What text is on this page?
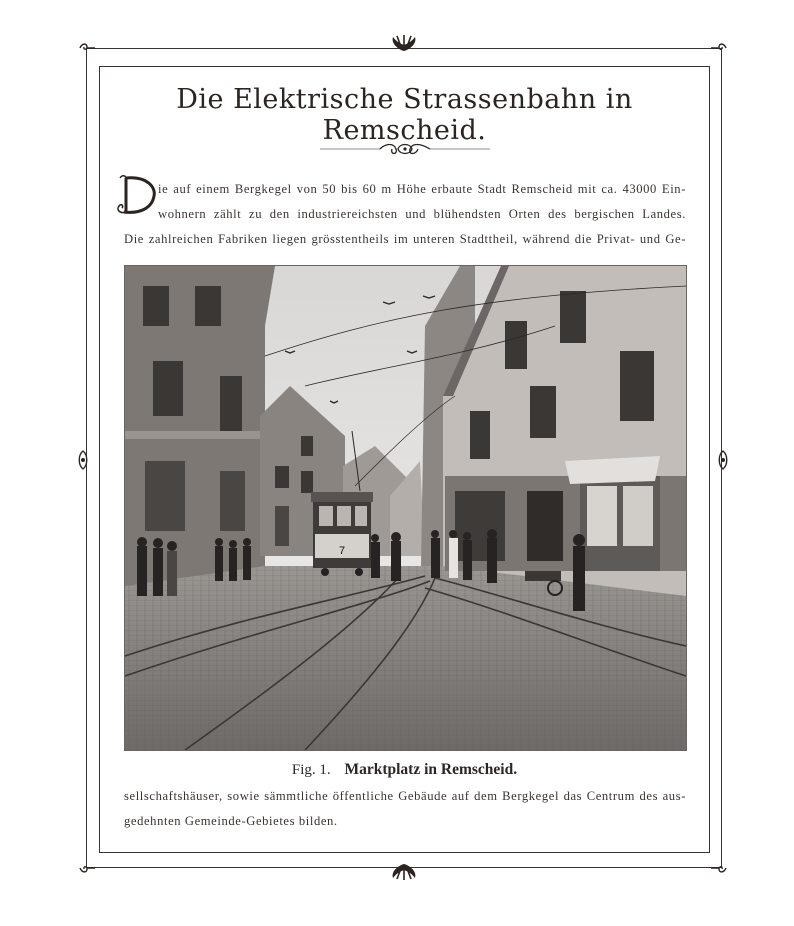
Die Elektrische Strassenbahn in Remscheid.
ie auf einem Bergkegel von 50 bis 60 m Höhe erbaute Stadt Remscheid mit ca. 43000 Ein-
wohnern zählt zu den industriereichsten und blühendsten Orten des bergischen Landes.
Die zahlreichen Fabriken liegen grösstentheils im unteren Stadttheil, während die Privat- und Ge-
7
Fig. 1. Marktplatz in Remscheid.
sellschaftshäuser, sowie sämmtliche öffentliche Gebäude auf dem Bergkegel das Centrum des aus-
gedehnten Gemeinde-Gebietes bilden.
